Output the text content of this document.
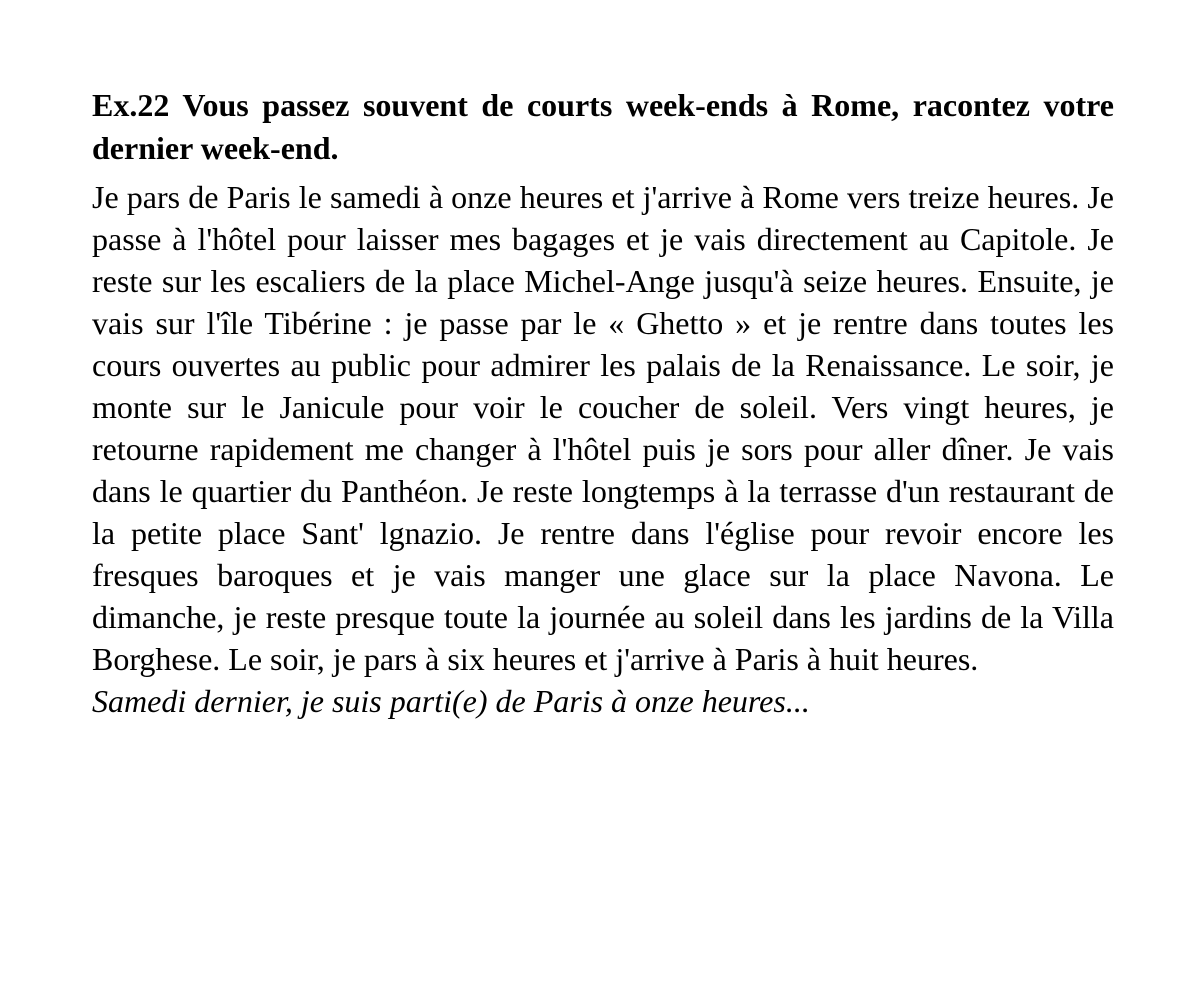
Ex.22 Vous passez souvent de courts week-ends à Rome, racontez votre dernier week-end.

Je pars de Paris le samedi à onze heures et j'arrive à Rome vers treize heures. Je passe à l'hôtel pour laisser mes bagages et je vais directement au Capitole. Je reste sur les escaliers de la place Michel-Ange jusqu'à seize heures. Ensuite, je vais sur l'île Tibérine : je passe par le « Ghetto » et je rentre dans toutes les cours ouvertes au public pour admirer les palais de la Renaissance. Le soir, je monte sur le Janicule pour voir le coucher de soleil. Vers vingt heures, je retourne rapidement me changer à l'hôtel puis je sors pour aller dîner. Je vais dans le quartier du Panthéon. Je reste longtemps à la terrasse d'un restaurant de la petite place Sant' lgnazio. Je rentre dans l'église pour revoir encore les fresques baroques et je vais manger une glace sur la place Navona. Le dimanche, je reste presque toute la journée au soleil dans les jardins de la Villa Borghese. Le soir, je pars à six heures et j'arrive à Paris à huit heures.

Samedi dernier, je suis parti(e) de Paris à onze heures...
